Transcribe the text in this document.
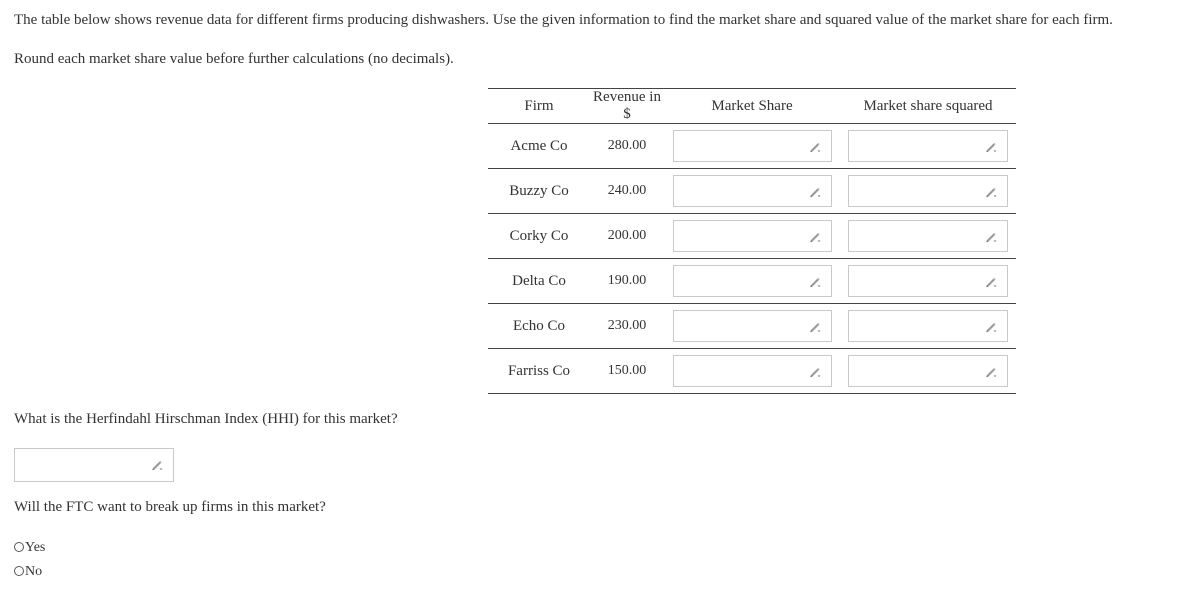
The table below shows revenue data for different firms producing dishwashers. Use the given information to find the market share and squared value of the market share for each firm.
Round each market share value before further calculations (no decimals).
Firm	Revenue in $	Market Share	Market share squared
Acme Co	280.00	

Buzzy Co	240.00	

Corky Co	200.00	

Delta Co	190.00	

Echo Co	230.00	

Farriss Co	150.00	

What is the Herfindahl Hirschman Index (HHI) for this market?
Will the FTC want to break up firms in this market?
Yes
No
